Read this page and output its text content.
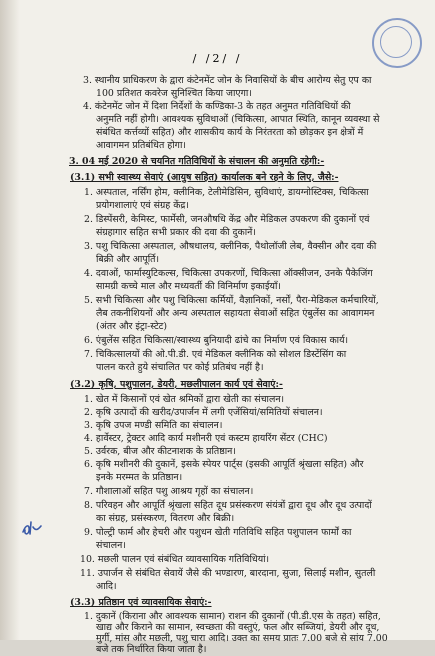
/ /2/ /
3. स्थानीय प्राधिकरण के द्वारा कंटेनमेंट जोन के निवासियों के बीच आरोग्य सेतु एप का
100 प्रतिशत कवरेज सुनिश्चित किया जाएगा।
4. कंटेनमेंट जोन में दिशा निर्देशों के कण्डिका-3 के तहत अनुमत गतिविधियों की
अनुमति नहीं होगी। आवश्यक सुविधाओं (चिकित्सा, आपात स्थिति, कानून व्यवस्था से
संबंधित कर्त्तव्यों सहित) और शासकीय कार्य के निरंतरता को छोड़कर इन क्षेत्रों में
आवागमन प्रतिबंधित होगा।
3. 04 मई 2020 से चयनित गतिविधियों के संचालन की अनुमति रहेगी:-
(3.1) सभी स्वास्थ्य सेवाएं (आयुष सहित) कार्यालक बने रहने के लिए, जैसे:-
1. अस्पताल, नर्सिंग होम, क्लीनिक, टेलीमेडिसिन, सुविधाएं, डायग्नोस्टिक्स, चिकित्सा
प्रयोगशालाएं एवं संग्रह केंद्र।
2. डिस्पेंसरी, केमिस्ट, फार्मेसी, जनऔषधि केंद्र और मेडिकल उपकरण की दुकानों एवं
संग्रहागार सहित सभी प्रकार की दवा की दुकानें।
3. पशु चिकित्सा अस्पताल, औषधालय, क्लीनिक, पैथोलॉजी लेब, वैक्सीन और दवा की
बिक्री और आपूर्ति।
4. दवाओं, फार्मास्युटिकल्स, चिकित्सा उपकरणों, चिकित्सा ऑक्सीजन, उनके पैकेजिंग
सामग्री कच्चे माल और मध्यवर्ती की विनिर्माण इकाईयाँ।
5. सभी चिकित्सा और पशु चिकित्सा कर्मियों, वैज्ञानिकों, नर्सों, पैरा-मेडिकल कर्मचारियों,
लैब तकनीशियनों और अन्य अस्पताल सहायता सेवाओं सहित एंबुलेंस का आवागमन
(अंतर और इंट्रा-स्टेट)
6. एंबुलेंस सहित चिकित्सा/स्वास्थ्य बुनियादी ढांचे का निर्माण एवं विकास कार्य।
7. चिकित्सालयों की ओ.पी.डी. एवं मेडिकल क्लीनिक को सोशल डिस्टेंसिंग का
पालन करते हुये संचालित पर कोई प्रतिबंध नहीं है।
(3.2) कृषि, पशुपालन, डेयरी, मछलीपालन कार्य एवं सेवाएं:-
1. खेत में किसानों एवं खेत श्रमिकों द्वारा खेती का संचालन।
2. कृषि उत्पादों की खरीद/उपार्जन में लगी एजेंसियां/समितियों संचालन।
3. कृषि उपज मण्डी समिति का संचालन।
4. हार्वेस्टर, ट्रेक्टर आदि कार्य मशीनरी एवं कस्टम हायरिंग सेंटर (CHC)
5. उर्वरक, बीज और कीटनाशक के प्रतिष्ठान।
6. कृषि मशीनरी की दुकानें, इसके स्पेयर पार्ट्स (इसकी आपूर्ति श्रृंखला सहित) और
इनके मरम्मत के प्रतिष्ठान।
7. गौशालाओं सहित पशु आश्रय गृहों का संचालन।
8. परिवहन और आपूर्ति श्रृंखला सहित दूध प्रसंस्करण संयंत्रों द्वारा दूध और दूध उत्पादों
का संग्रह, प्रसंस्करण, वितरण और बिक्री।
9. पोल्ट्री फार्म और हेचरी और पशुधन खेती गतिविधि सहित पशुपालन फार्मों का
संचालन।
10. मछली पालन एवं संबंधित व्यावसायिक गतिविधियां।
11. उपार्जन से संबंधित सेवायें जैसे की भण्डारण, बारदाना, सुजा, सिलाई मशीन, सुतली
आदि।
(3.3) प्रतिष्ठान एवं व्यावसायिक सेवाएं:-
1. दुकानें (किराना और आवश्यक सामान) राशन की दुकानों (पी.डी.एस के तहत) सहित,
खाद्य और किराने का सामान, स्वच्छता की वस्तुएं, फल और सब्जियां, डेयरी और दूध,
मुर्गी, मांस और मछली, पशु चारा आदि। उक्त का समय प्रातः 7.00 बजे से सांय 7.00
बजे तक निर्धारित किया जाता है।
